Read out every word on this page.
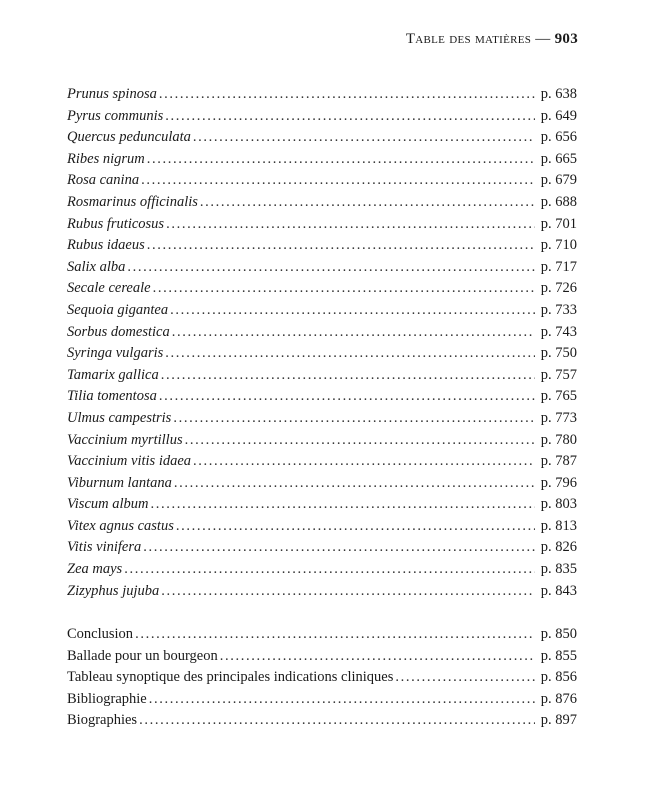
Table des matières — 903
Prunus spinosa . . .	p. 638
Pyrus communis . . .	p. 649
Quercus pedunculata . . .	p. 656
Ribes nigrum . . .	p. 665
Rosa canina . . .	p. 679
Rosmarinus officinalis . . .	p. 688
Rubus fruticosus . . .	p. 701
Rubus idaeus . . .	p. 710
Salix alba . . .	p. 717
Secale cereale . . .	p. 726
Sequoia gigantea . . .	p. 733
Sorbus domestica . . .	p. 743
Syringa vulgaris . . .	p. 750
Tamarix gallica . . .	p. 757
Tilia tomentosa . . .	p. 765
Ulmus campestris . . .	p. 773
Vaccinium myrtillus . . .	p. 780
Vaccinium vitis idaea . . .	p. 787
Viburnum lantana . . .	p. 796
Viscum album . . .	p. 803
Vitex agnus castus . . .	p. 813
Vitis vinifera . . .	p. 826
Zea mays . . .	p. 835
Zizyphus jujuba . . .	p. 843
Conclusion . . .	p. 850
Ballade pour un bourgeon . . .	p. 855
Tableau synoptique des principales indications cliniques . . .	p. 856
Bibliographie . . .	p. 876
Biographies . . .	p. 897
